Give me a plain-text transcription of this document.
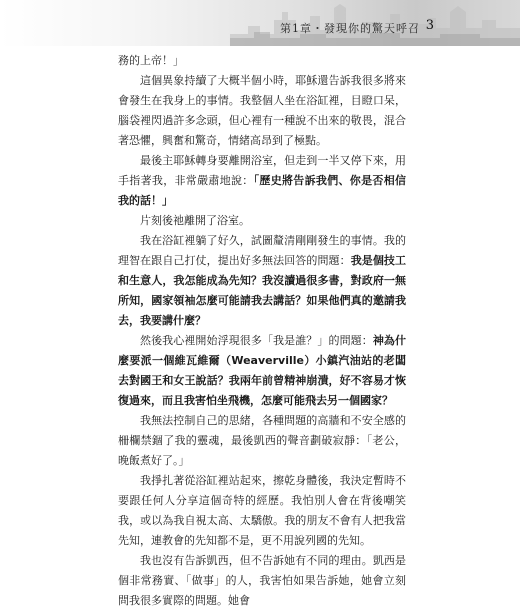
第1章・發現你的驚天呼召 3

務的上帝！」

這個異象持續了大概半個小時，耶穌還告訴我很多將來會發生在我身上的事情。我整個人坐在浴缸裡，目瞪口呆，腦袋裡閃過許多念頭，但心裡有一種說不出來的敬畏，混合著恐懼，興奮和驚奇，情緒高昂到了極點。

最後主耶穌轉身要離開浴室，但走到一半又停下來，用手指著我，非常嚴肅地說：「歷史將告訴我們、你是否相信我的話！」

片刻後祂離開了浴室。

我在浴缸裡躺了好久，試圖釐清剛剛發生的事情。我的理智在跟自己打仗，提出好多無法回答的問題：我是個技工和生意人，我怎能成為先知？我沒讀過很多書，對政府一無所知，國家領袖怎麼可能請我去講話？如果他們真的邀請我去，我要講什麼？

然後我心裡開始浮現很多「我是誰？」的問題：神為什麼要派一個維瓦維爾（Weaverville）小鎮汽油站的老闆去對國王和女王說話？我兩年前曾精神崩潰，好不容易才恢復過來，而且我害怕坐飛機，怎麼可能飛去另一個國家？

我無法控制自己的思緒，各種問題的高牆和不安全感的柵欄禁錮了我的靈魂，最後凱西的聲音劃破寂靜：「老公，晚飯煮好了。」

我掙扎著從浴缸裡站起來，擦乾身體後，我決定暫時不要跟任何人分享這個奇特的經歷。我怕別人會在背後嘲笑我，或以為我自視太高、太驕傲。我的朋友不會有人把我當先知，連教會的先知都不是，更不用說列國的先知。

我也沒有告訴凱西，但不告訴她有不同的理由。凱西是個非常務實、「做事」的人，我害怕如果告訴她，她會立刻問我很多實際的問題。她會
